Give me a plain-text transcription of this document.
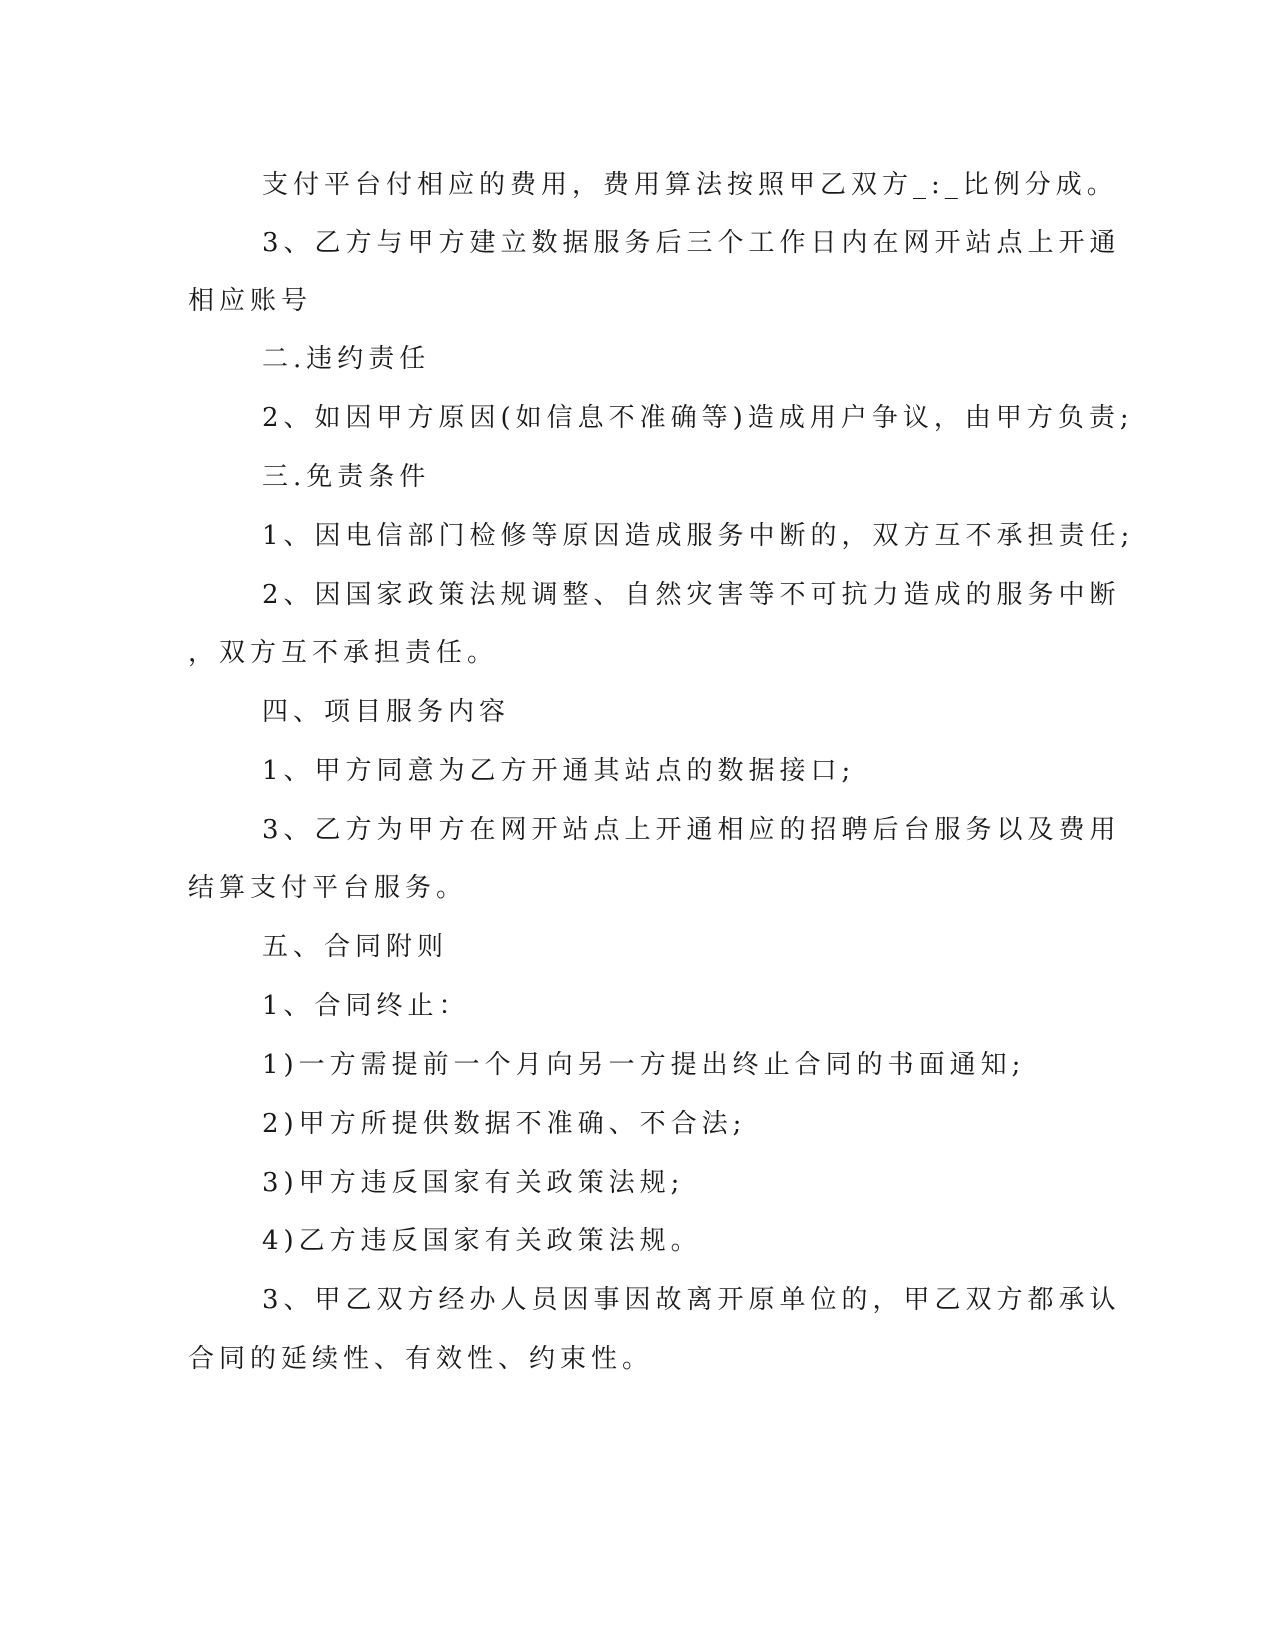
支付平台付相应的费用，费用算法按照甲乙双方_:_比例分成。
3、乙方与甲方建立数据服务后三个工作日内在网开站点上开通
相应账号
二.违约责任
2、如因甲方原因(如信息不准确等)造成用户争议，由甲方负责;
三.免责条件
1、因电信部门检修等原因造成服务中断的，双方互不承担责任;
2、因国家政策法规调整、自然灾害等不可抗力造成的服务中断
，双方互不承担责任。
四、项目服务内容
1、甲方同意为乙方开通其站点的数据接口;
3、乙方为甲方在网开站点上开通相应的招聘后台服务以及费用
结算支付平台服务。
五、合同附则
1、合同终止：
1)一方需提前一个月向另一方提出终止合同的书面通知;
2)甲方所提供数据不准确、不合法;
3)甲方违反国家有关政策法规;
4)乙方违反国家有关政策法规。
3、甲乙双方经办人员因事因故离开原单位的，甲乙双方都承认
合同的延续性、有效性、约束性。
